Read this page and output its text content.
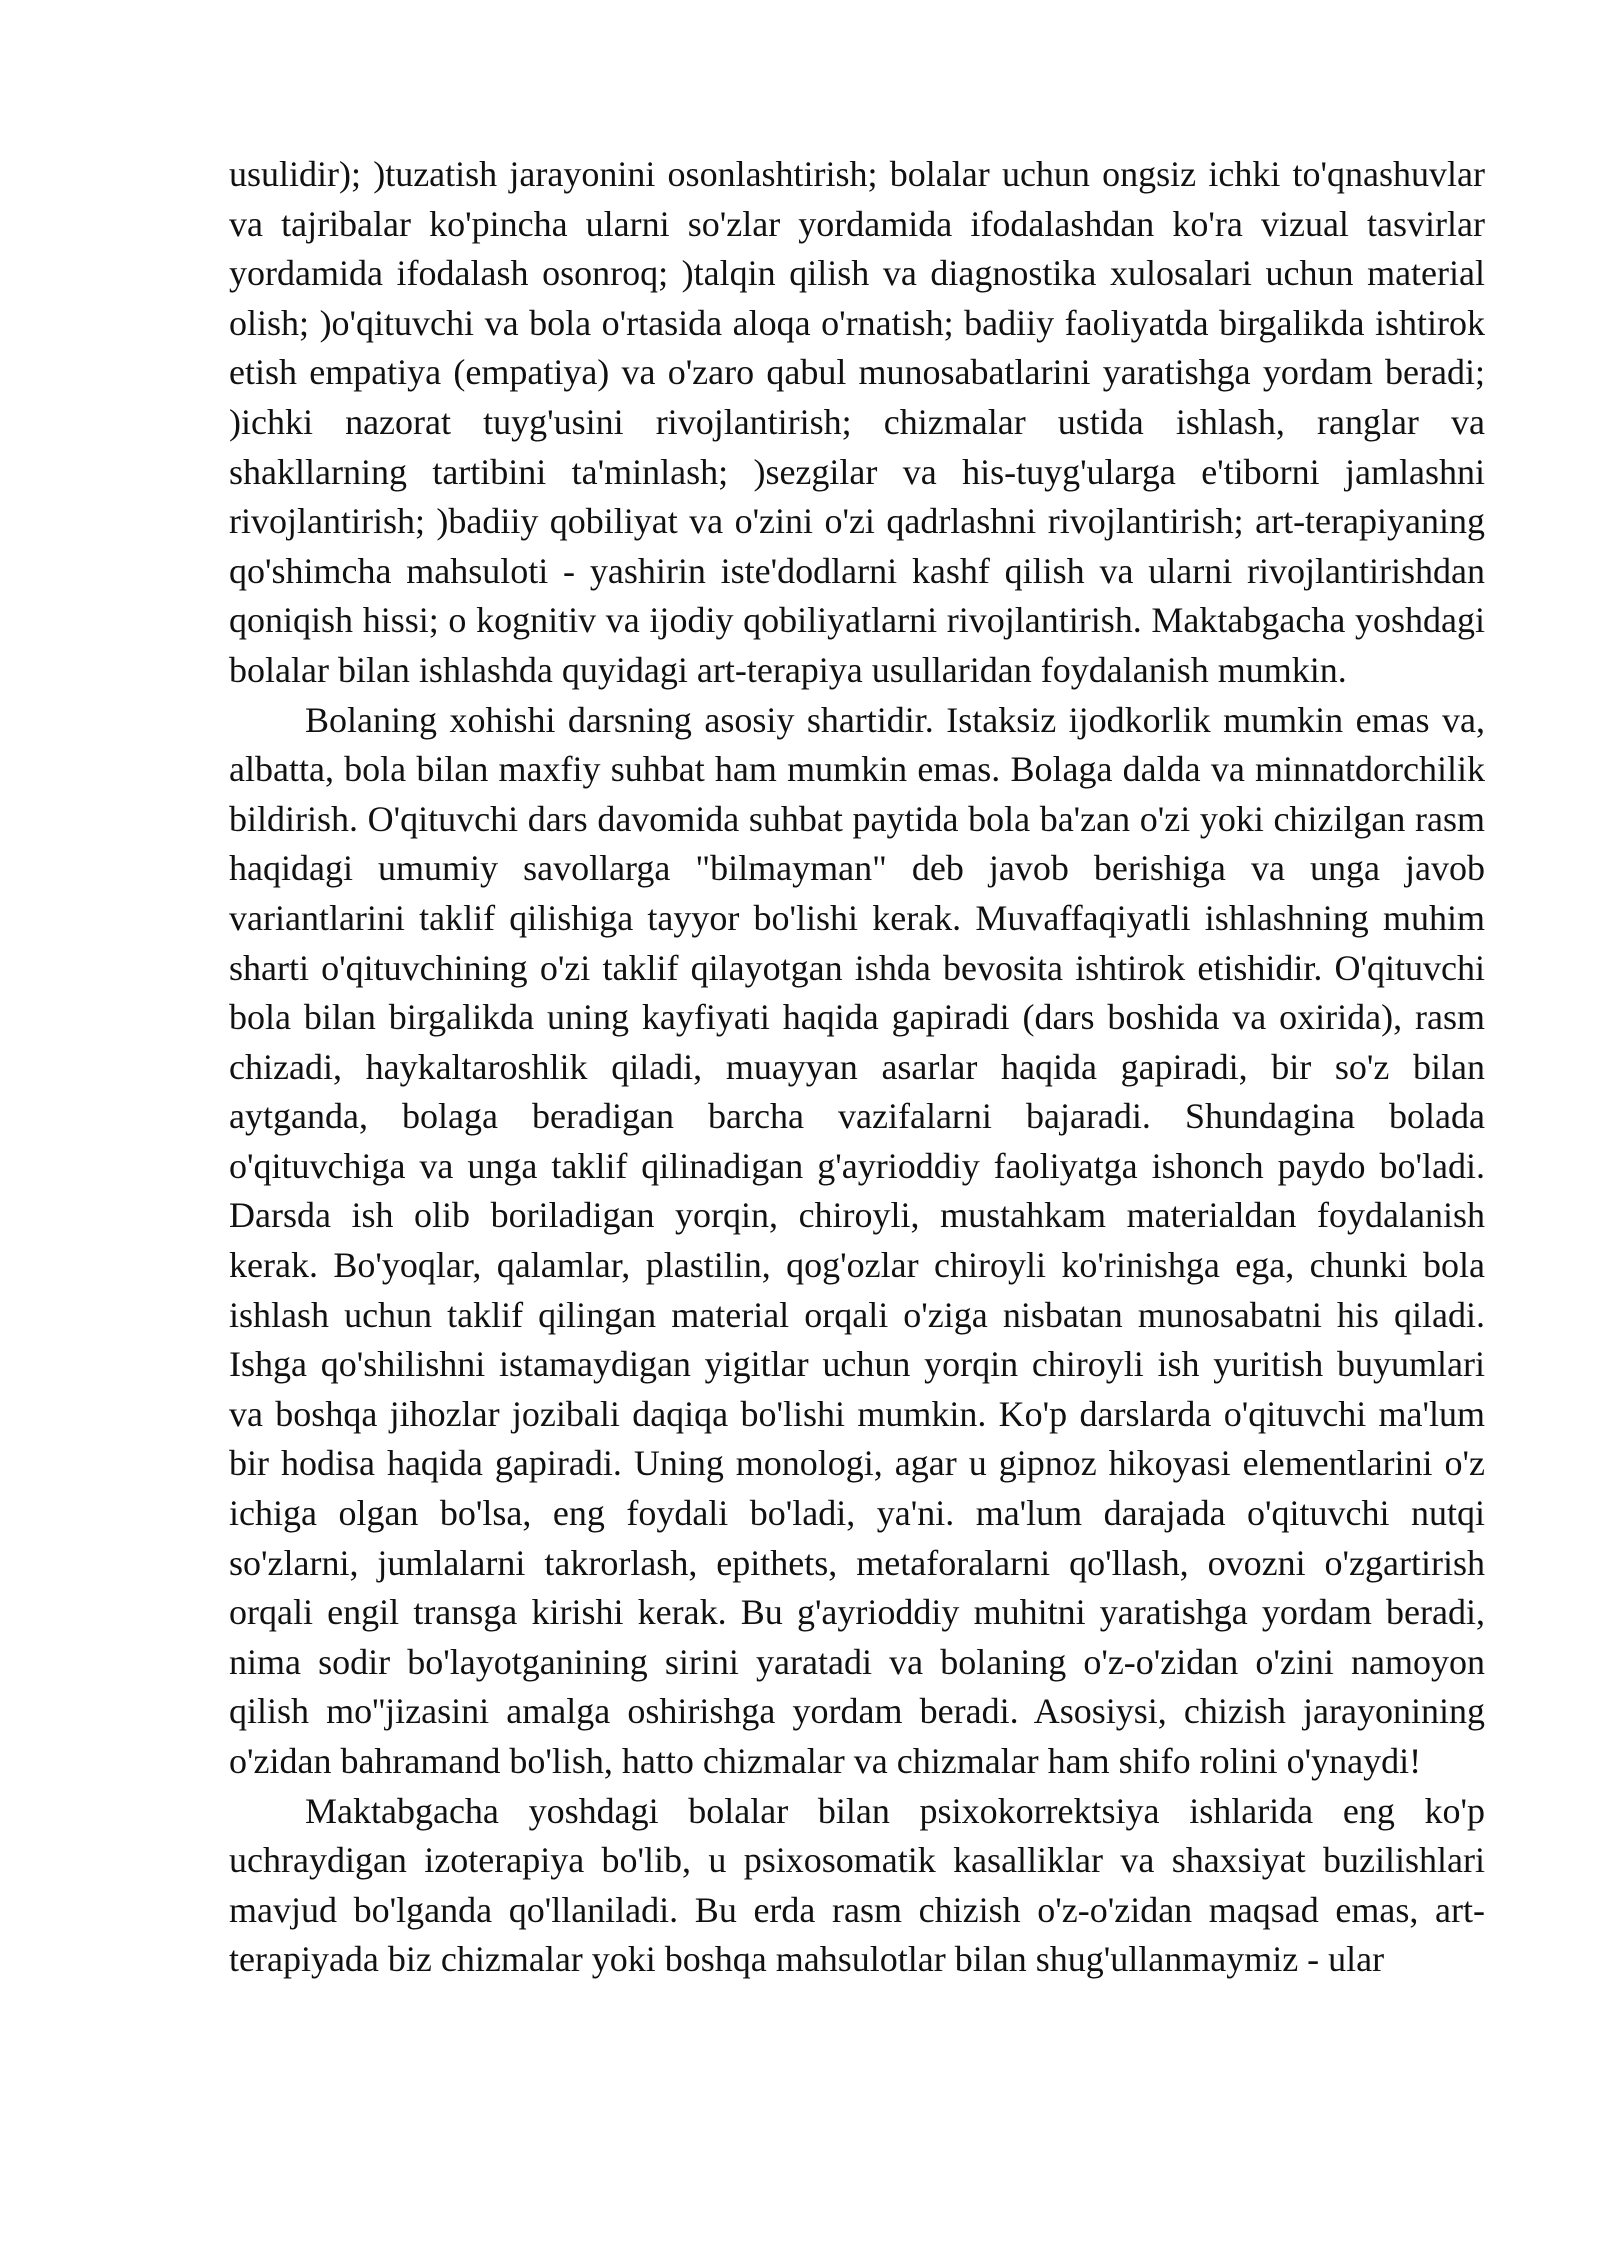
usulidir); )tuzatish jarayonini osonlashtirish; bolalar uchun ongsiz ichki to'qnashuvlar va tajribalar ko'pincha ularni so'zlar yordamida ifodalashdan ko'ra vizual tasvirlar yordamida ifodalash osonroq; )talqin qilish va diagnostika xulosalari uchun material olish; )o'qituvchi va bola o'rtasida aloqa o'rnatish; badiiy faoliyatda birgalikda ishtirok etish empatiya (empatiya) va o'zaro qabul munosabatlarini yaratishga yordam beradi; )ichki nazorat tuyg'usini rivojlantirish; chizmalar ustida ishlash, ranglar va shakllarning tartibini ta'minlash; )sezgilar va his-tuyg'ularga e'tiborni jamlashni rivojlantirish; )badiiy qobiliyat va o'zini o'zi qadrlashni rivojlantirish; art-terapiyaning qo'shimcha mahsuloti - yashirin iste'dodlarni kashf qilish va ularni rivojlantirishdan qoniqish hissi; o kognitiv va ijodiy qobiliyatlarni rivojlantirish. Maktabgacha yoshdagi bolalar bilan ishlashda quyidagi art-terapiya usullaridan foydalanish mumkin.

Bolaning xohishi darsning asosiy shartidir. Istaksiz ijodkorlik mumkin emas va, albatta, bola bilan maxfiy suhbat ham mumkin emas. Bolaga dalda va minnatdorchilik bildirish. O'qituvchi dars davomida suhbat paytida bola ba'zan o'zi yoki chizilgan rasm haqidagi umumiy savollarga "bilmayman" deb javob berishiga va unga javob variantlarini taklif qilishiga tayyor bo'lishi kerak. Muvaffaqiyatli ishlashning muhim sharti o'qituvchining o'zi taklif qilayotgan ishda bevosita ishtirok etishidir. O'qituvchi bola bilan birgalikda uning kayfiyati haqida gapiradi (dars boshida va oxirida), rasm chizadi, haykaltaroshlik qiladi, muayyan asarlar haqida gapiradi, bir so'z bilan aytganda, bolaga beradigan barcha vazifalarni bajaradi. Shundagina bolada o'qituvchiga va unga taklif qilinadigan g'ayrioddiy faoliyatga ishonch paydo bo'ladi. Darsda ish olib boriladigan yorqin, chiroyli, mustahkam materialdan foydalanish kerak. Bo'yoqlar, qalamlar, plastilin, qog'ozlar chiroyli ko'rinishga ega, chunki bola ishlash uchun taklif qilingan material orqali o'ziga nisbatan munosabatni his qiladi. Ishga qo'shilishni istamaydigan yigitlar uchun yorqin chiroyli ish yuritish buyumlari va boshqa jihozlar jozibali daqiqa bo'lishi mumkin. Ko'p darslarda o'qituvchi ma'lum bir hodisa haqida gapiradi. Uning monologi, agar u gipnoz hikoyasi elementlarini o'z ichiga olgan bo'lsa, eng foydali bo'ladi, ya'ni. ma'lum darajada o'qituvchi nutqi so'zlarni, jumlalarni takrorlash, epithets, metaforalarni qo'llash, ovozni o'zgartirish orqali engil transga kirishi kerak. Bu g'ayrioddiy muhitni yaratishga yordam beradi, nima sodir bo'layotganining sirini yaratadi va bolaning o'z-o'zidan o'zini namoyon qilish mo''jizasini amalga oshirishga yordam beradi. Asosiysi, chizish jarayonining o'zidan bahramand bo'lish, hatto chizmalar va chizmalar ham shifo rolini o'ynaydi!

Maktabgacha yoshdagi bolalar bilan psixokorrektsiya ishlarida eng ko'p uchraydigan izoterapiya bo'lib, u psixosomatik kasalliklar va shaxsiyat buzilishlari mavjud bo'lganda qo'llaniladi. Bu erda rasm chizish o'z-o'zidan maqsad emas, art-terapiyada biz chizmalar yoki boshqa mahsulotlar bilan shug'ullanmaymiz - ular
